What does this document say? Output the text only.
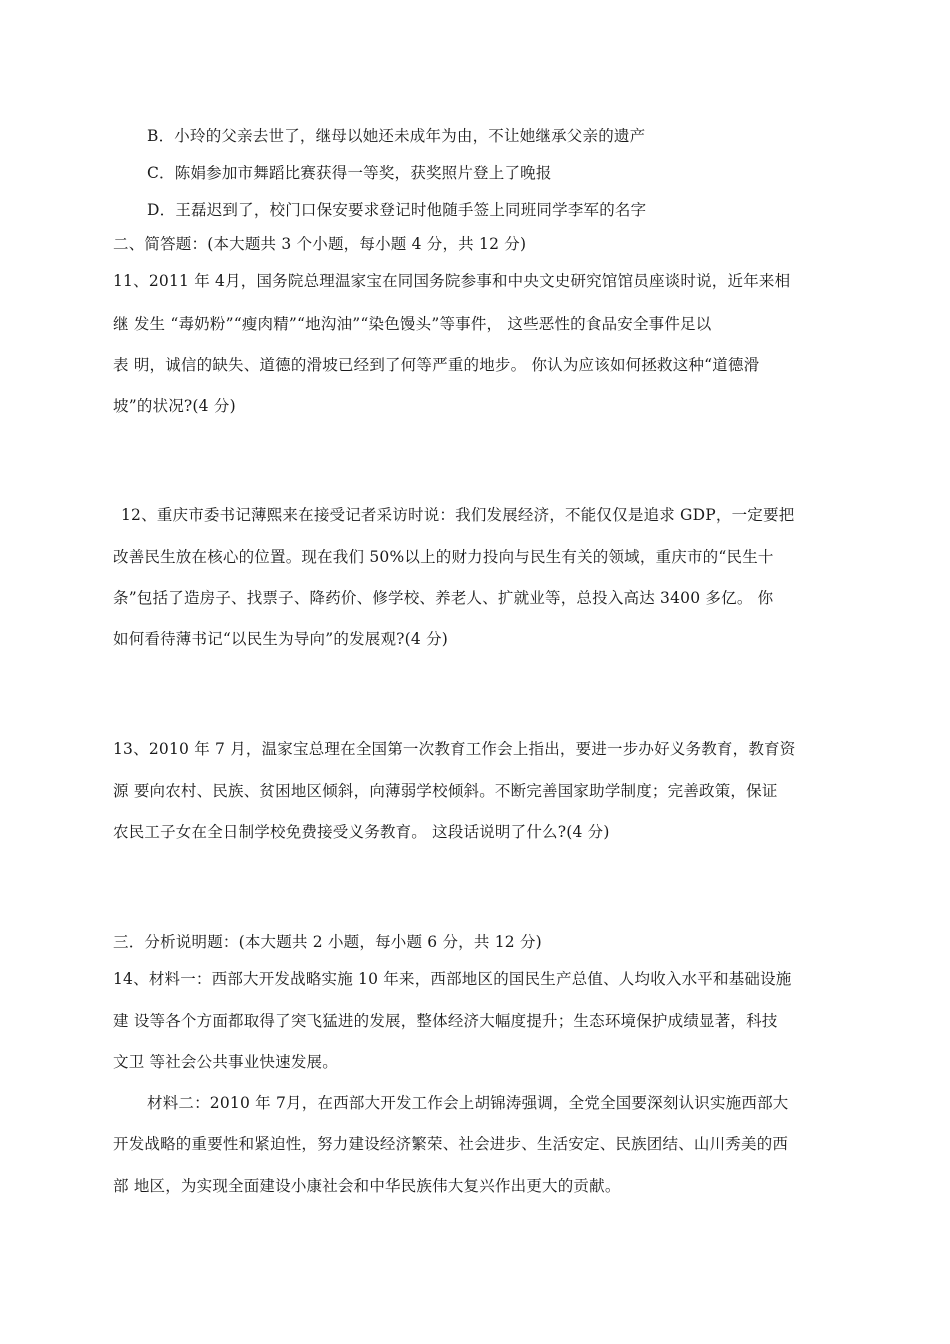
B．小玲的父亲去世了，继母以她还未成年为由，不让她继承父亲的遗产
C．陈娟参加市舞蹈比赛获得一等奖，获奖照片登上了晚报
D．王磊迟到了，校门口保安要求登记时他随手签上同班同学李军的名字
二、简答题：(本大题共 3 个小题，每小题 4 分，共 12 分)
11、2011 年 4月，国务院总理温家宝在同国务院参事和中央文史研究馆馆员座谈时说，近年来相
继 发生 “毒奶粉”“瘦肉精”“地沟油”“染色馒头”等事件， 这些恶性的食品安全事件足以
表 明，诚信的缺失、道德的滑坡已经到了何等严重的地步。 你认为应该如何拯救这种“道德滑
坡”的状况?(4 分)
12、重庆市委书记薄熙来在接受记者采访时说：我们发展经济，不能仅仅是追求 GDP，一定要把
改善民生放在核心的位置。现在我们 50%以上的财力投向与民生有关的领域，重庆市的“民生十
条”包括了造房子、找票子、降药价、修学校、养老人、扩就业等，总投入高达 3400 多亿。 你
如何看待薄书记“以民生为导向”的发展观?(4 分)
13、2010 年 7 月，温家宝总理在全国第一次教育工作会上指出，要进一步办好义务教育，教育资
源 要向农村、民族、贫困地区倾斜，向薄弱学校倾斜。不断完善国家助学制度；完善政策，保证
农民工子女在全日制学校免费接受义务教育。 这段话说明了什么?(4 分)
三．分析说明题：(本大题共 2 小题，每小题 6 分，共 12 分)
14、材料一：西部大开发战略实施 10 年来，西部地区的国民生产总值、人均收入水平和基础设施
建 设等各个方面都取得了突飞猛进的发展，整体经济大幅度提升；生态环境保护成绩显著，科技
文卫 等社会公共事业快速发展。
材料二：2010 年 7月，在西部大开发工作会上胡锦涛强调，全党全国要深刻认识实施西部大
开发战略的重要性和紧迫性，努力建设经济繁荣、社会进步、生活安定、民族团结、山川秀美的西
部 地区，为实现全面建设小康社会和中华民族伟大复兴作出更大的贡献。
